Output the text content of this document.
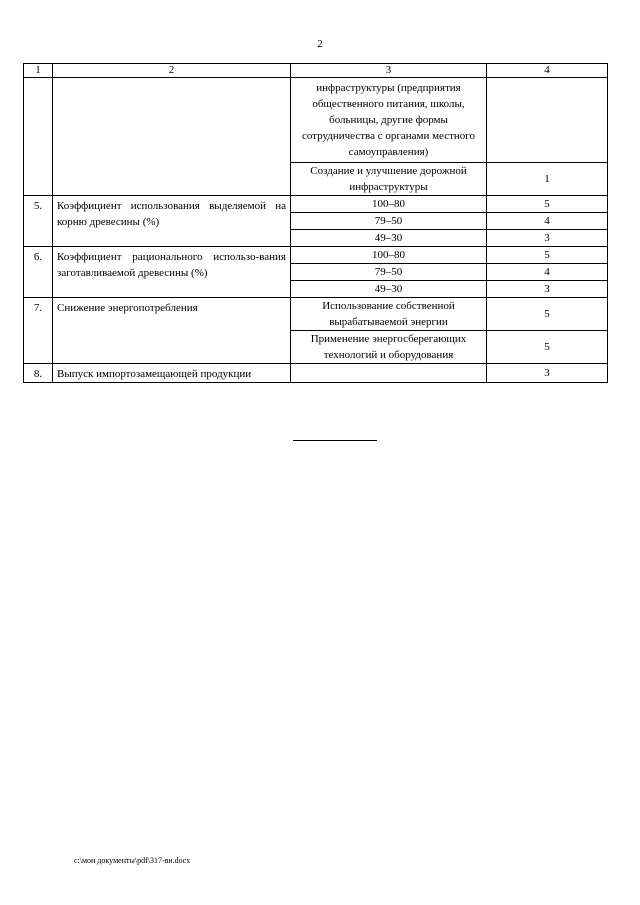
2
1	2	3	4
		инфраструктуры (предприятия общественного питания, школы, больницы, другие формы сотрудничества с органами местного самоуправления)	
		Создание и улучшение дорожной инфраструктуры	1
5.	Коэффициент использования выделяемой на корню древесины (%)	100–80	5
		79–50	4
		49–30	3
6.	Коэффициент рационального использо-вания заготавливаемой древесины (%)	100–80	5
		79–50	4
		49–30	3
7.	Снижение энергопотребления	Использование собственной вырабатываемой энергии	5
		Применение энергосберегающих технологий и оборудования	5
8.	Выпуск импортозамещающей продукции		3
c:\мои документы\pdf\317-ви.docx
